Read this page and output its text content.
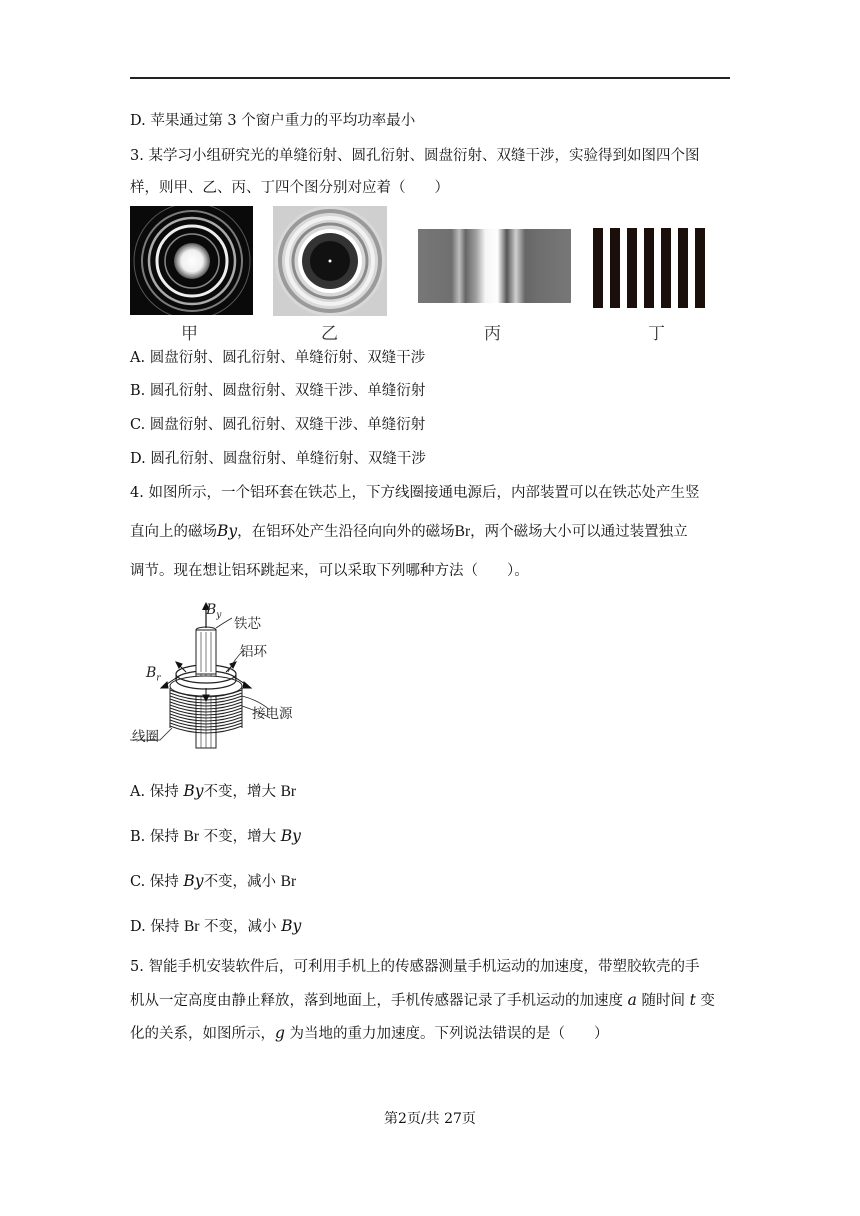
D. 苹果通过第 3 个窗户重力的平均功率最小
3. 某学习小组研究光的单缝衍射、圆孔衍射、圆盘衍射、双缝干涉，实验得到如图四个图
样，则甲、乙、丙、丁四个图分别对应着（　　）
甲	乙	丙	丁
A. 圆盘衍射、圆孔衍射、单缝衍射、双缝干涉
B. 圆孔衍射、圆盘衍射、双缝干涉、单缝衍射
C. 圆盘衍射、圆孔衍射、双缝干涉、单缝衍射
D. 圆孔衍射、圆盘衍射、单缝衍射、双缝干涉
4. 如图所示，一个铝环套在铁芯上，下方线圈接通电源后，内部装置可以在铁芯处产生竖
直向上的磁场By，在铝环处产生沿径向向外的磁场Br，两个磁场大小可以通过装置独立
调节。现在想让铝环跳起来，可以采取下列哪种方法（　　）。
$B_y$
铁芯
铝环
$B_r$
接电源
线圈
A. 保持 By不变，增大 Br
B. 保持 Br 不变，增大 By
C. 保持 By不变，减小 Br
D. 保持 Br 不变，减小 By
5. 智能手机安装软件后，可利用手机上的传感器测量手机运动的加速度，带塑胶软壳的手
机从一定高度由静止释放，落到地面上，手机传感器记录了手机运动的加速度 a 随时间 t 变
化的关系，如图所示，g 为当地的重力加速度。下列说法错误的是（　　）
第2页/共 27页
